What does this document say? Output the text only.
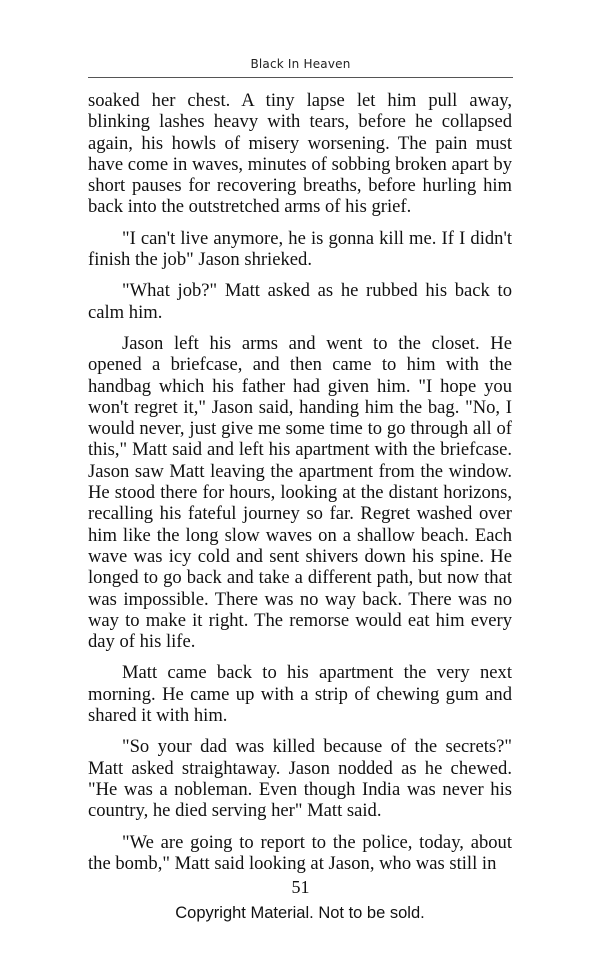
Black In Heaven

soaked her chest. A tiny lapse let him pull away, blinking lashes heavy with tears, before he collapsed again, his howls of misery worsening. The pain must have come in waves, minutes of sobbing broken apart by short pauses for recovering breaths, before hurling him back into the outstretched arms of his grief.

"I can't live anymore, he is gonna kill me. If I didn't finish the job" Jason shrieked.

"What job?" Matt asked as he rubbed his back to calm him.

Jason left his arms and went to the closet. He opened a briefcase, and then came to him with the handbag which his father had given him. "I hope you won't regret it," Jason said, handing him the bag. "No, I would never, just give me some time to go through all of this," Matt said and left his apartment with the briefcase. Jason saw Matt leaving the apartment from the window. He stood there for hours, looking at the distant horizons, recalling his fateful journey so far. Regret washed over him like the long slow waves on a shallow beach. Each wave was icy cold and sent shivers down his spine. He longed to go back and take a different path, but now that was impossible. There was no way back. There was no way to make it right. The remorse would eat him every day of his life.

Matt came back to his apartment the very next morning. He came up with a strip of chewing gum and shared it with him.

"So your dad was killed because of the secrets?" Matt asked straightaway. Jason nodded as he chewed. "He was a nobleman. Even though India was never his country, he died serving her" Matt said.

"We are going to report to the police, today, about the bomb," Matt said looking at Jason, who was still in

51
Copyright Material. Not to be sold.
